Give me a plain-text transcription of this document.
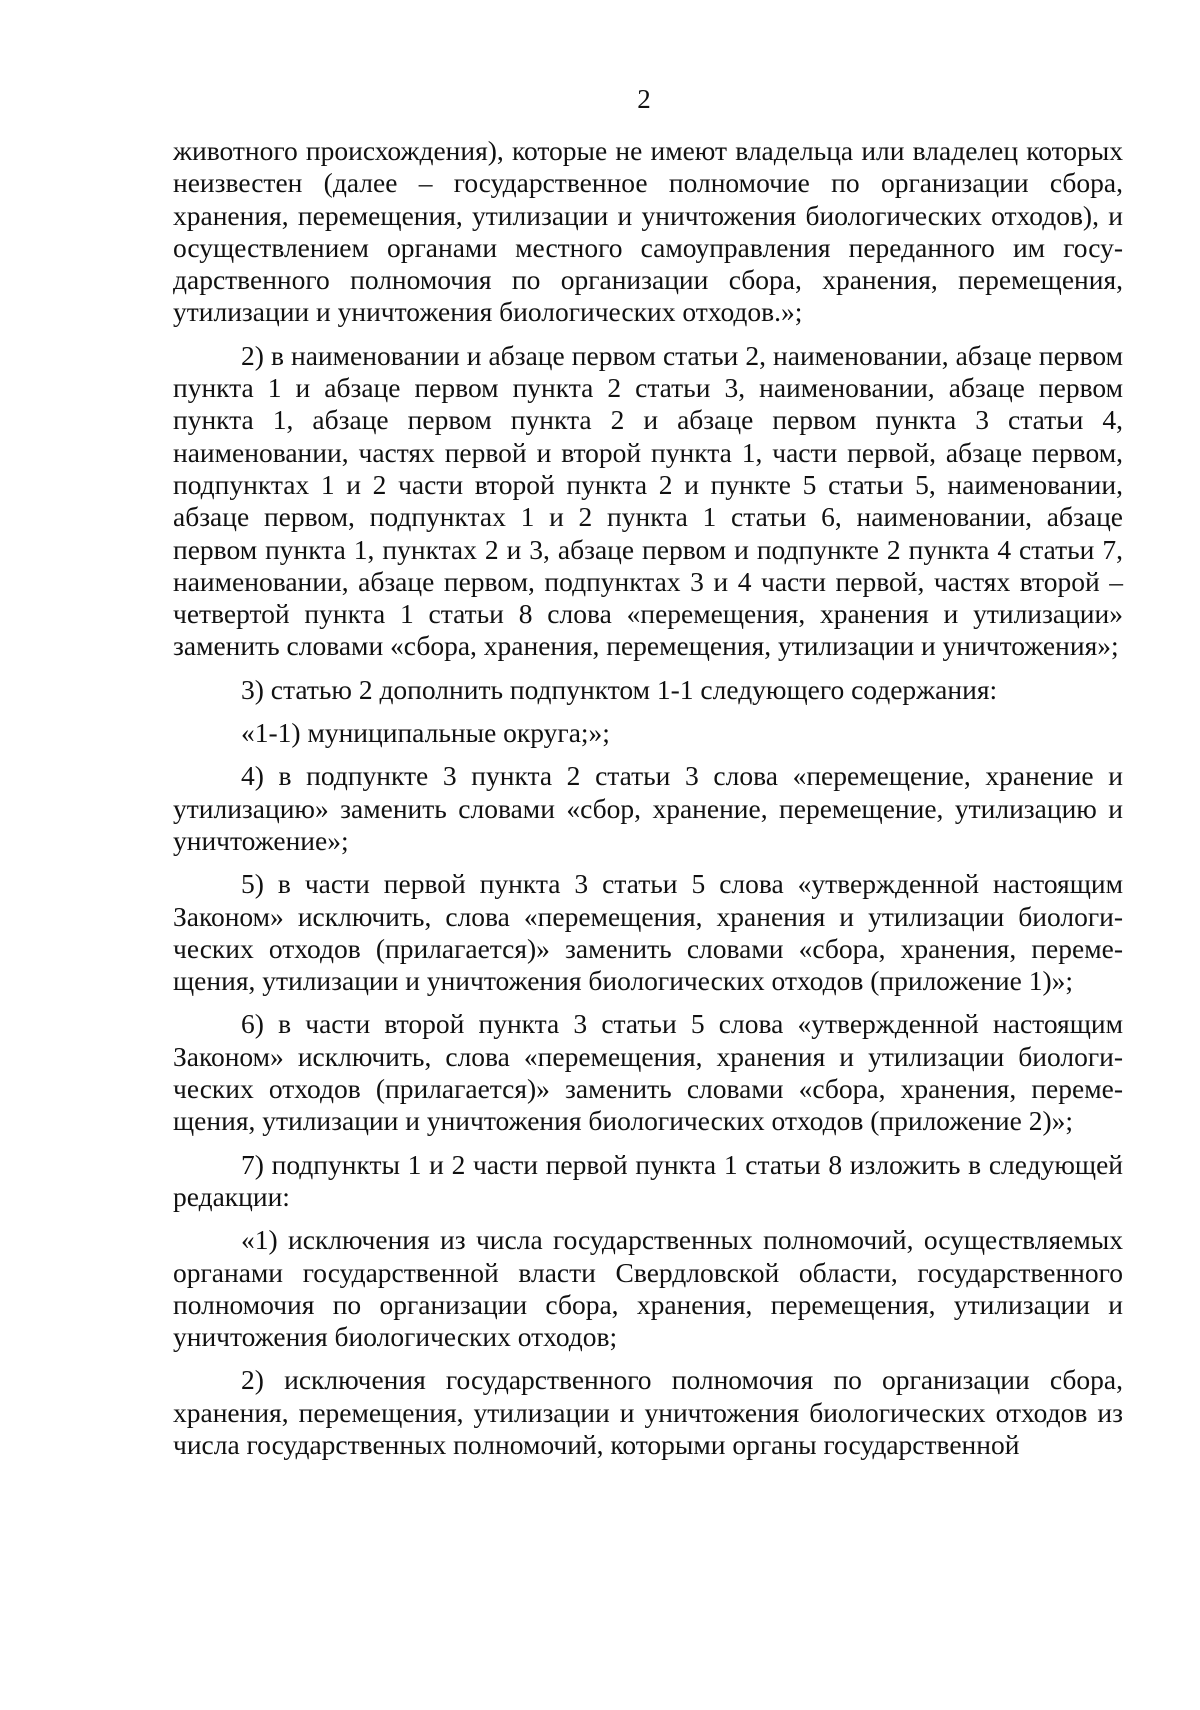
2

животного происхождения), которые не имеют владельца или владелец которых неизвестен (далее – государственное полномочие по организации сбора, хранения, перемещения, утилизации и уничтожения биологических отходов), и осуществлением органами местного самоуправления переданного им государственного полномочия по организации сбора, хранения, перемещения, утилизации и уничтожения биологических отходов.»;

2) в наименовании и абзаце первом статьи 2, наименовании, абзаце первом пункта 1 и абзаце первом пункта 2 статьи 3, наименовании, абзаце первом пункта 1, абзаце первом пункта 2 и абзаце первом пункта 3 статьи 4, наименовании, частях первой и второй пункта 1, части первой, абзаце первом, подпунктах 1 и 2 части второй пункта 2 и пункте 5 статьи 5, наименовании, абзаце первом, подпунктах 1 и 2 пункта 1 статьи 6, наименовании, абзаце первом пункта 1, пунктах 2 и 3, абзаце первом и подпункте 2 пункта 4 статьи 7, наименовании, абзаце первом, подпунктах 3 и 4 части первой, частях второй – четвертой пункта 1 статьи 8 слова «перемещения, хранения и утилизации» заменить словами «сбора, хранения, перемещения, утилизации и уничтожения»;

3) статью 2 дополнить подпунктом 1-1 следующего содержания:

«1-1) муниципальные округа;»;

4) в подпункте 3 пункта 2 статьи 3 слова «перемещение, хранение и утилизацию» заменить словами «сбор, хранение, перемещение, утилизацию и уничтожение»;

5) в части первой пункта 3 статьи 5 слова «утвержденной настоящим Законом» исключить, слова «перемещения, хранения и утилизации биологических отходов (прилагается)» заменить словами «сбора, хранения, перемещения, утилизации и уничтожения биологических отходов (приложение 1)»;

6) в части второй пункта 3 статьи 5 слова «утвержденной настоящим Законом» исключить, слова «перемещения, хранения и утилизации биологических отходов (прилагается)» заменить словами «сбора, хранения, перемещения, утилизации и уничтожения биологических отходов (приложение 2)»;

7) подпункты 1 и 2 части первой пункта 1 статьи 8 изложить в следующей редакции:

«1) исключения из числа государственных полномочий, осуществляемых органами государственной власти Свердловской области, государственного полномочия по организации сбора, хранения, перемещения, утилизации и уничтожения биологических отходов;

2) исключения государственного полномочия по организации сбора, хранения, перемещения, утилизации и уничтожения биологических отходов из числа государственных полномочий, которыми органы государственной
